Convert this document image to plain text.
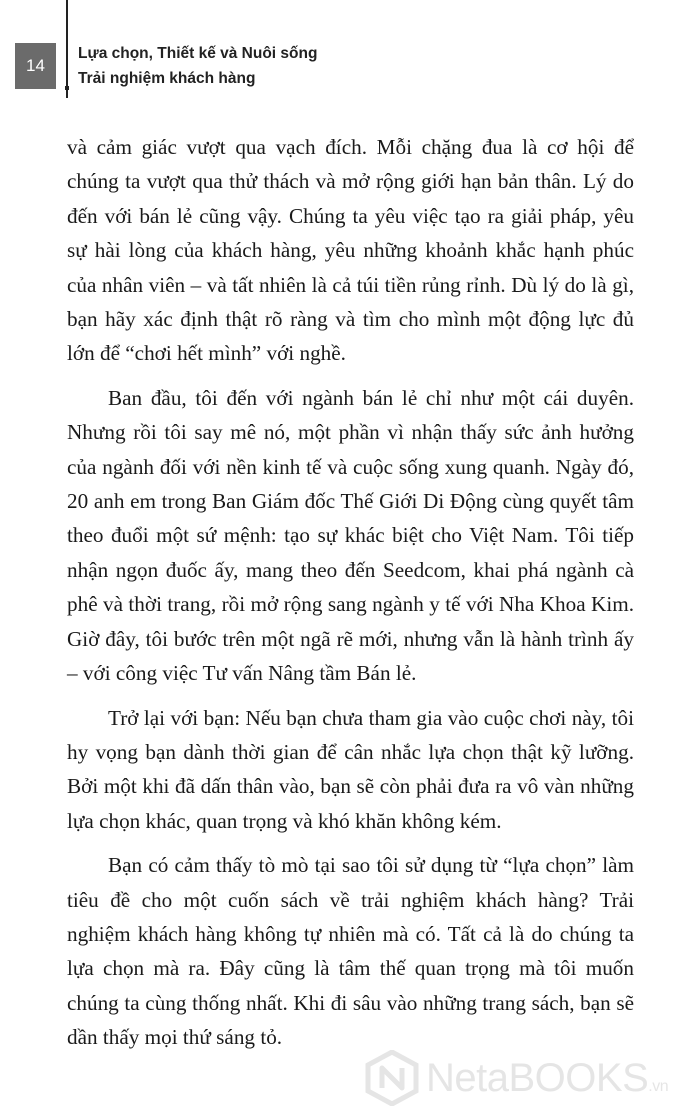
14
Lựa chọn, Thiết kế và Nuôi sống
Trải nghiệm khách hàng

và cảm giác vượt qua vạch đích. Mỗi chặng đua là cơ hội để chúng ta vượt qua thử thách và mở rộng giới hạn bản thân. Lý do đến với bán lẻ cũng vậy. Chúng ta yêu việc tạo ra giải pháp, yêu sự hài lòng của khách hàng, yêu những khoảnh khắc hạnh phúc của nhân viên – và tất nhiên là cả túi tiền rủng rỉnh. Dù lý do là gì, bạn hãy xác định thật rõ ràng và tìm cho mình một động lực đủ lớn để “chơi hết mình” với nghề.

Ban đầu, tôi đến với ngành bán lẻ chỉ như một cái duyên. Nhưng rồi tôi say mê nó, một phần vì nhận thấy sức ảnh hưởng của ngành đối với nền kinh tế và cuộc sống xung quanh. Ngày đó, 20 anh em trong Ban Giám đốc Thế Giới Di Động cùng quyết tâm theo đuổi một sứ mệnh: tạo sự khác biệt cho Việt Nam. Tôi tiếp nhận ngọn đuốc ấy, mang theo đến Seedcom, khai phá ngành cà phê và thời trang, rồi mở rộng sang ngành y tế với Nha Khoa Kim. Giờ đây, tôi bước trên một ngã rẽ mới, nhưng vẫn là hành trình ấy – với công việc Tư vấn Nâng tầm Bán lẻ.

Trở lại với bạn: Nếu bạn chưa tham gia vào cuộc chơi này, tôi hy vọng bạn dành thời gian để cân nhắc lựa chọn thật kỹ lưỡng. Bởi một khi đã dấn thân vào, bạn sẽ còn phải đưa ra vô vàn những lựa chọn khác, quan trọng và khó khăn không kém.

Bạn có cảm thấy tò mò tại sao tôi sử dụng từ “lựa chọn” làm tiêu đề cho một cuốn sách về trải nghiệm khách hàng? Trải nghiệm khách hàng không tự nhiên mà có. Tất cả là do chúng ta lựa chọn mà ra. Đây cũng là tâm thế quan trọng mà tôi muốn chúng ta cùng thống nhất. Khi đi sâu vào những trang sách, bạn sẽ dần thấy mọi thứ sáng tỏ.

NetaBOOKS.vn
